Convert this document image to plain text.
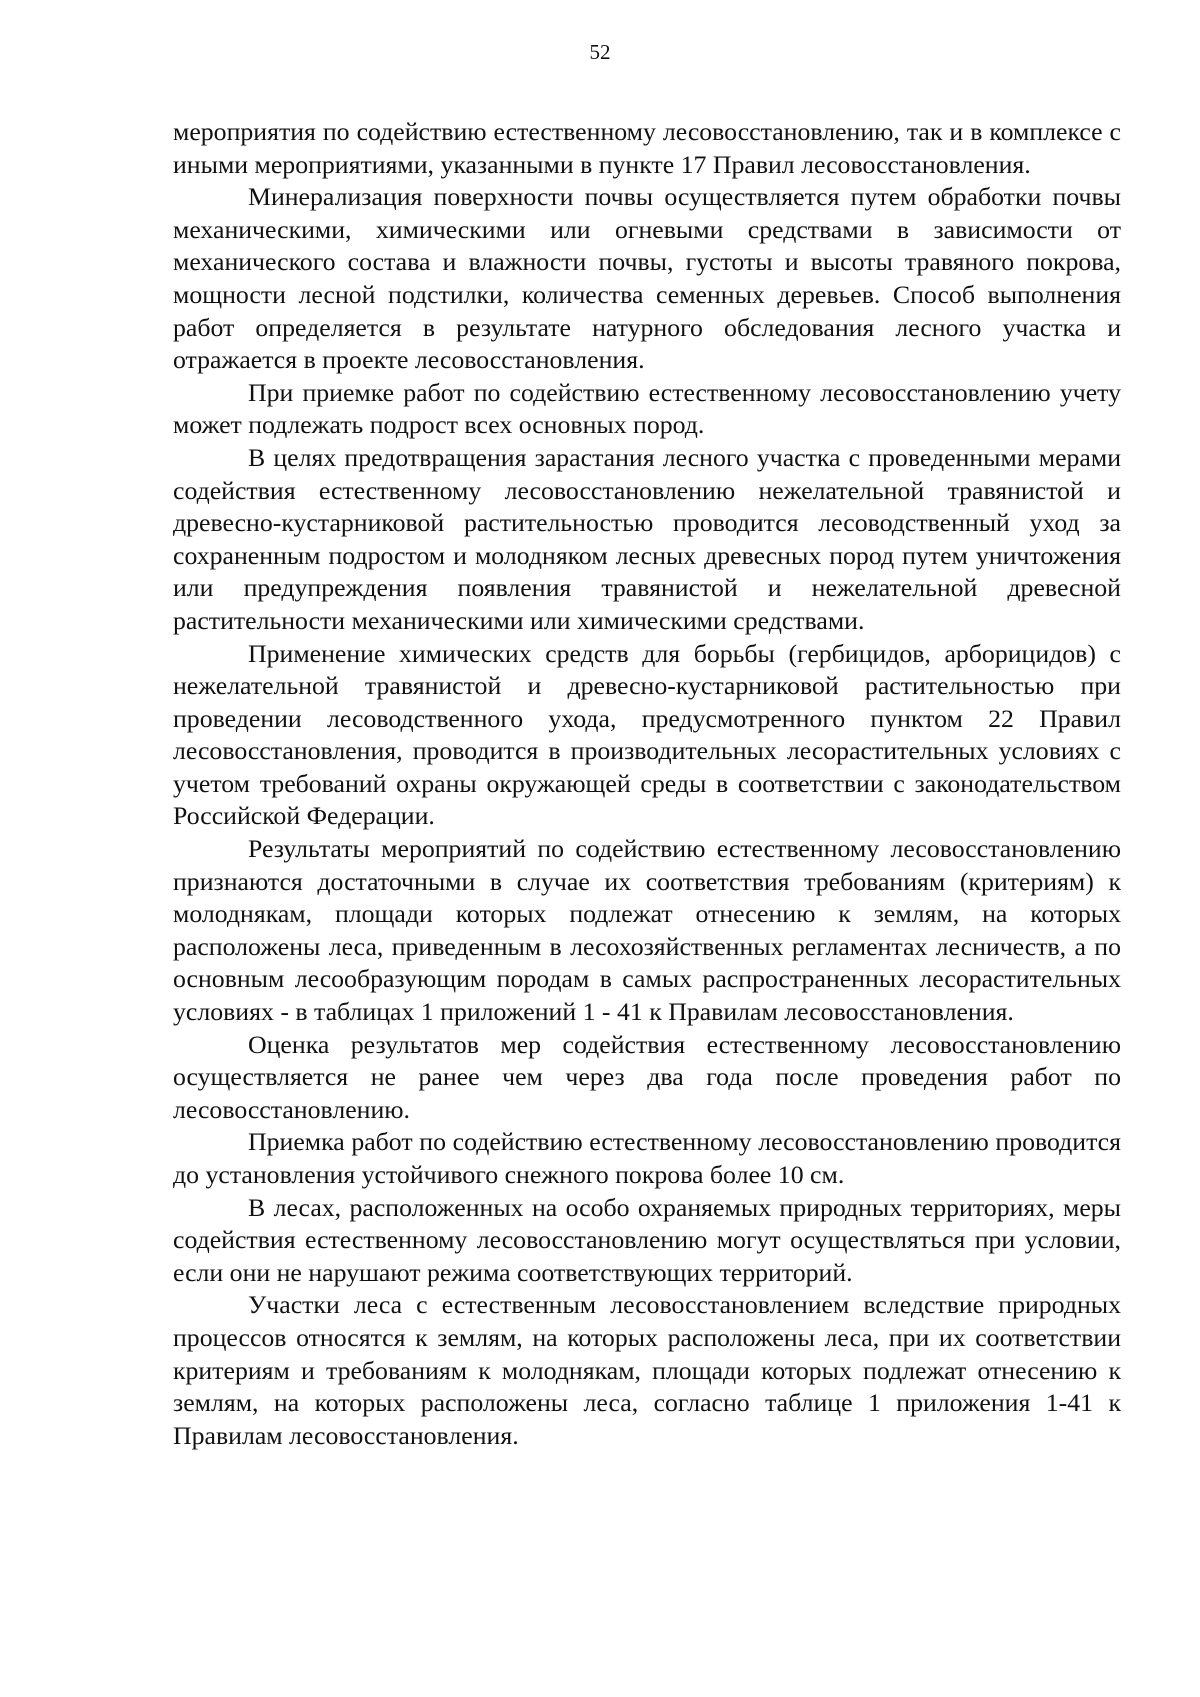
52

мероприятия по содействию естественному лесовосстановлению, так и в комплексе с иными мероприятиями, указанными в пункте 17 Правил лесовосстановления.

Минерализация поверхности почвы осуществляется путем обработки почвы механическими, химическими или огневыми средствами в зависимости от механического состава и влажности почвы, густоты и высоты травяного покрова, мощности лесной подстилки, количества семенных деревьев. Способ выполнения работ определяется в результате натурного обследования лесного участка и отражается в проекте лесовосстановления.

При приемке работ по содействию естественному лесовосстановлению учету может подлежать подрост всех основных пород.

В целях предотвращения зарастания лесного участка с проведенными мерами содействия естественному лесовосстановлению нежелательной травянистой и древесно-кустарниковой растительностью проводится лесоводственный уход за сохраненным подростом и молодняком лесных древесных пород путем уничтожения или предупреждения появления травянистой и нежелательной древесной растительности механическими или химическими средствами.

Применение химических средств для борьбы (гербицидов, арборицидов) с нежелательной травянистой и древесно-кустарниковой растительностью при проведении лесоводственного ухода, предусмотренного пунктом 22 Правил лесовосстановления, проводится в производительных лесорастительных условиях с учетом требований охраны окружающей среды в соответствии с законодательством Российской Федерации.

Результаты мероприятий по содействию естественному лесовосстановлению признаются достаточными в случае их соответствия требованиям (критериям) к молоднякам, площади которых подлежат отнесению к землям, на которых расположены леса, приведенным в лесохозяйственных регламентах лесничеств, а по основным лесообразующим породам в самых распространенных лесорастительных условиях - в таблицах 1 приложений 1 - 41 к Правилам лесовосстановления.

Оценка результатов мер содействия естественному лесовосстановлению осуществляется не ранее чем через два года после проведения работ по лесовосстановлению.

Приемка работ по содействию естественному лесовосстановлению проводится до установления устойчивого снежного покрова более 10 см.

В лесах, расположенных на особо охраняемых природных территориях, меры содействия естественному лесовосстановлению могут осуществляться при условии, если они не нарушают режима соответствующих территорий.

Участки леса с естественным лесовосстановлением вследствие природных процессов относятся к землям, на которых расположены леса, при их соответствии критериям и требованиям к молоднякам, площади которых подлежат отнесению к землям, на которых расположены леса, согласно таблице 1 приложения 1-41 к Правилам лесовосстановления.
